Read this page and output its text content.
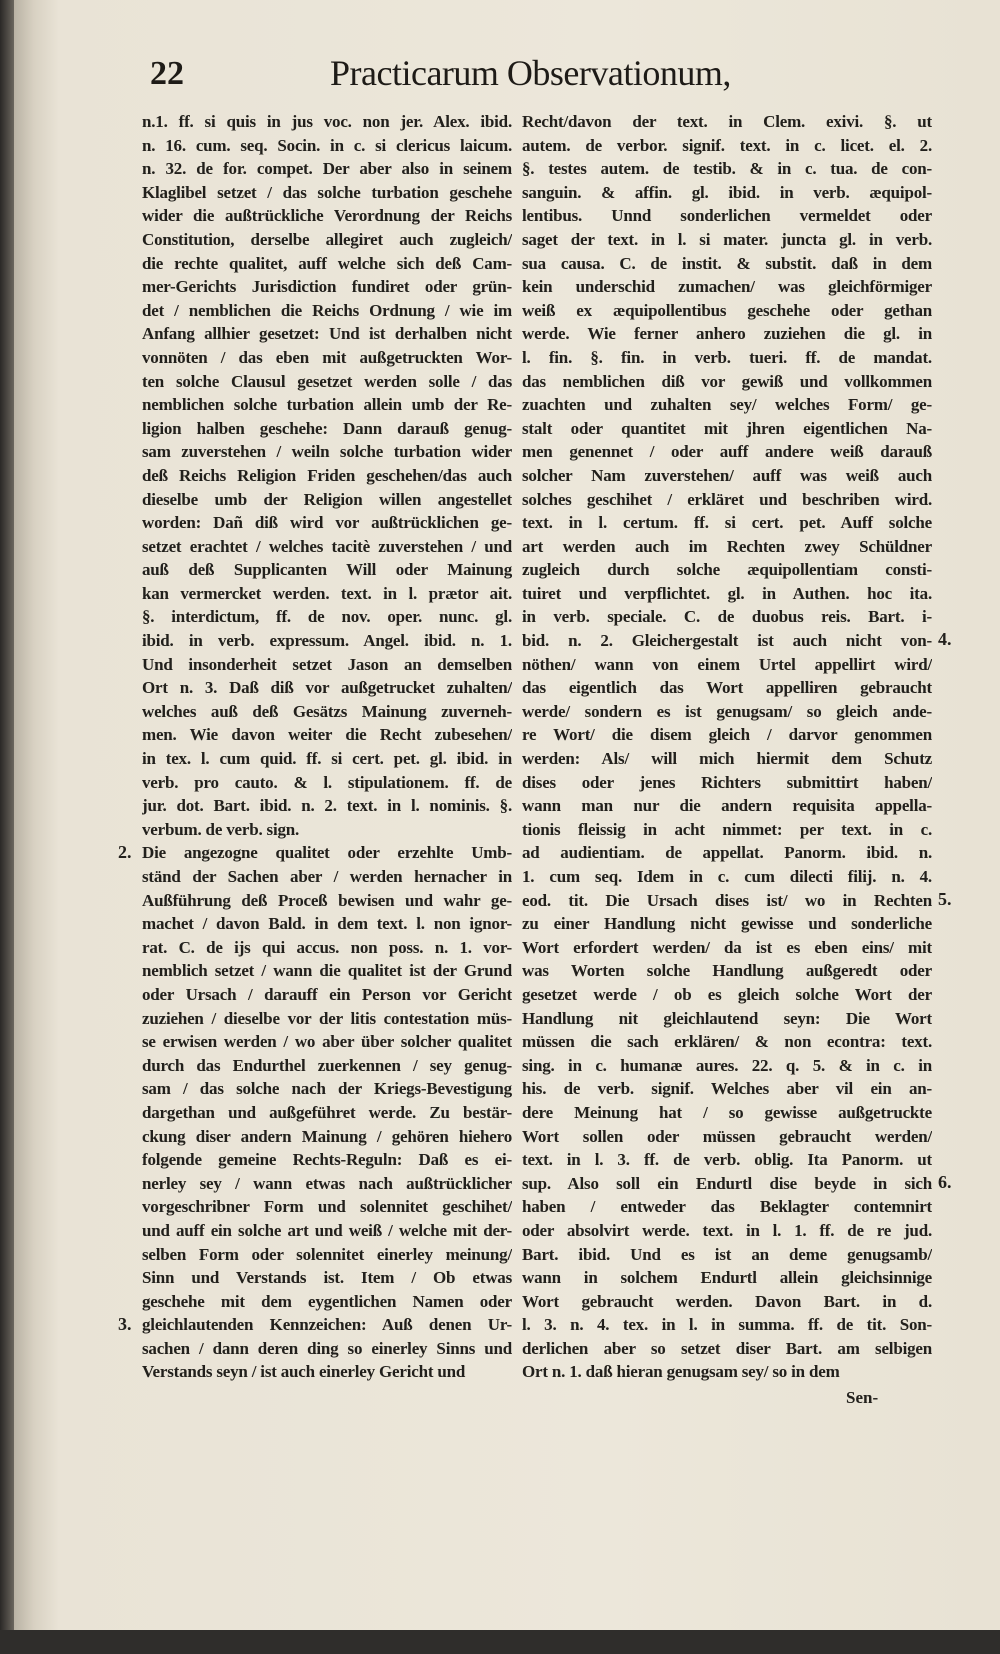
22	Practicarum Observationum,
n.1. ff. si quis in jus voc. non jer. Alex. ibid.
n. 16. cum. seq. Socin. in c. si clericus laicum.
n. 32. de for. compet. Der aber also in seinem
Klaglibel setzet / das solche turbation geschehe
wider die außtrückliche Verordnung der Reichs
Constitution, derselbe allegiret auch zugleich/
die rechte qualitet, auff welche sich deß Cam-
mer-Gerichts Jurisdiction fundiret oder grün-
det / nemblichen die Reichs Ordnung / wie im
Anfang allhier gesetzet: Und ist derhalben nicht
vonnöten / das eben mit außgetruckten Wor-
ten solche Clausul gesetzet werden solle / das
nemblichen solche turbation allein umb der Re-
ligion halben geschehe: Dann darauß genug-
sam zuverstehen / weiln solche turbation wider
deß Reichs Religion Friden geschehen/das auch
dieselbe umb der Religion willen angestellet
worden: Dañ diß wird vor außtrücklichen ge-
setzet erachtet / welches tacitè zuverstehen / und
auß deß Supplicanten Will oder Mainung
kan vermercket werden. text. in l. prætor ait.
§. interdictum, ff. de nov. oper. nunc. gl.
ibid. in verb. expressum. Angel. ibid. n. 1.
Und insonderheit setzet Jason an demselben
Ort n. 3. Daß diß vor außgetrucket zuhalten/
welches auß deß Gesätzs Mainung zuverneh-
men. Wie davon weiter die Recht zubesehen/
in tex. l. cum quid. ff. si cert. pet. gl. ibid. in
verb. pro cauto. & l. stipulationem. ff. de
jur. dot. Bart. ibid. n. 2. text. in l. nominis. §.
verbum. de verb. sign.
Die angezogne qualitet oder erzehlte Umb-
ständ der Sachen aber / werden hernacher in
Außführung deß Proceß bewisen und wahr ge-
machet / davon Bald. in dem text. l. non ignor-
rat. C. de ijs qui accus. non poss. n. 1. vor-
nemblich setzet / wann die qualitet ist der Grund
oder Ursach / darauff ein Person vor Gericht
zuziehen / dieselbe vor der litis contestation müs-
se erwisen werden / wo aber über solcher qualitet
durch das Endurthel zuerkennen / sey genug-
sam / das solche nach der Kriegs-Bevestigung
dargethan und außgeführet werde. Zu bestär-
ckung diser andern Mainung / gehören hiehero
folgende gemeine Rechts-Reguln: Daß es ei-
nerley sey / wann etwas nach außtrücklicher
vorgeschribner Form und solennitet geschihet/
und auff ein solche art und weiß / welche mit der-
selben Form oder solennitet einerley meinung/
Sinn und Verstands ist. Item / Ob etwas
geschehe mit dem eygentlichen Namen oder
gleichlautenden Kennzeichen: Auß denen Ur-
sachen / dann deren ding so einerley Sinns und
Verstands seyn / ist auch einerley Gericht und
Recht/davon der text. in Clem. exivi. §. ut
autem. de verbor. signif. text. in c. licet. el. 2.
§. testes autem. de testib. & in c. tua. de con-
sanguin. & affin. gl. ibid. in verb. æquipol-
lentibus. Unnd sonderlichen vermeldet oder
saget der text. in l. si mater. juncta gl. in verb.
sua causa. C. de instit. & substit. daß in dem
kein underschid zumachen/ was gleichförmiger
weiß ex æquipollentibus geschehe oder gethan
werde. Wie ferner anhero zuziehen die gl. in
l. fin. §. fin. in verb. tueri. ff. de mandat.
das nemblichen diß vor gewiß und vollkommen
zuachten und zuhalten sey/ welches Form/ ge-
stalt oder quantitet mit jhren eigentlichen Na-
men genennet / oder auff andere weiß darauß
solcher Nam zuverstehen/ auff was weiß auch
solches geschihet / erkläret und beschriben wird.
text. in l. certum. ff. si cert. pet. Auff solche
art werden auch im Rechten zwey Schüldner
zugleich durch solche æquipollentiam consti-
tuiret und verpflichtet. gl. in Authen. hoc ita.
in verb. speciale. C. de duobus reis. Bart. i-
bid. n. 2. Gleichergestalt ist auch nicht von-
nöthen/ wann von einem Urtel appellirt wird/
das eigentlich das Wort appelliren gebraucht
werde/ sondern es ist genugsam/ so gleich ande-
re Wort/ die disem gleich / darvor genommen
werden: Als/ will mich hiermit dem Schutz
dises oder jenes Richters submittirt haben/
wann man nur die andern requisita appella-
tionis fleissig in acht nimmet: per text. in c.
ad audientiam. de appellat. Panorm. ibid. n.
1. cum seq. Idem in c. cum dilecti filij. n. 4.
eod. tit. Die Ursach dises ist/ wo in Rechten
zu einer Handlung nicht gewisse und sonderliche
Wort erfordert werden/ da ist es eben eins/ mit
was Worten solche Handlung außgeredt oder
gesetzet werde / ob es gleich solche Wort der
Handlung nit gleichlautend seyn: Die Wort
müssen die sach erklären/ & non econtra: text.
sing. in c. humanæ aures. 22. q. 5. & in c. in
his. de verb. signif. Welches aber vil ein an-
dere Meinung hat / so gewisse außgetruckte
Wort sollen oder müssen gebraucht werden/
text. in l. 3. ff. de verb. oblig. Ita Panorm. ut
sup. Also soll ein Endurtl dise beyde in sich
haben / entweder das Beklagter contemnirt
oder absolvirt werde. text. in l. 1. ff. de re jud.
Bart. ibid. Und es ist an deme genugsamb/
wann in solchem Endurtl allein gleichsinnige
Wort gebraucht werden. Davon Bart. in d.
l. 3. n. 4. tex. in l. in summa. ff. de tit. Son-
derlichen aber so setzet diser Bart. am selbigen
Ort n. 1. daß hieran genugsam sey/ so in dem
2.
3.
4.
5.
6.
Sen-
